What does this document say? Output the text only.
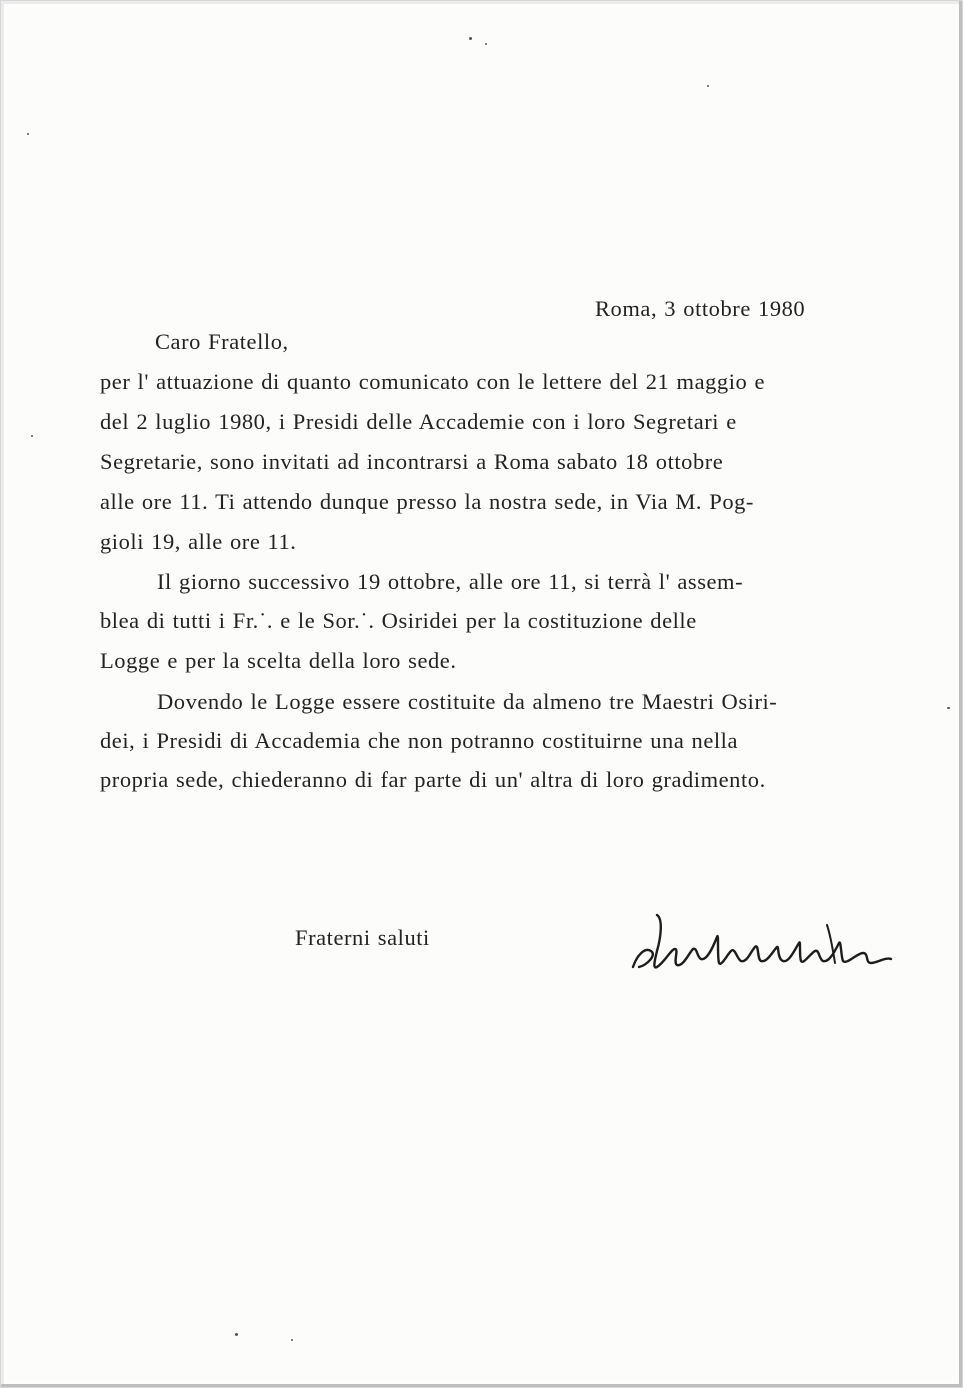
Roma, 3 ottobre 1980
Caro Fratello,
per l' attuazione di quanto comunicato con le lettere del 21 maggio e
del 2 luglio 1980, i Presidi delle Accademie con i loro Segretari e
Segretarie, sono invitati ad incontrarsi a Roma sabato 18 ottobre
alle ore 11. Ti attendo dunque presso la nostra sede, in Via M. Pog-
gioli 19, alle ore 11.
Il giorno successivo 19 ottobre, alle ore 11, si terrà l' assem-
blea di tutti i Fr.˙. e le Sor.˙. Osiridei per la costituzione delle
Logge e per la scelta della loro sede.
Dovendo le Logge essere costituite da almeno tre Maestri Osiri-
dei, i Presidi di Accademia che non potranno costituirne una nella
propria sede, chiederanno di far parte di un' altra di loro gradimento.
Fraterni saluti
